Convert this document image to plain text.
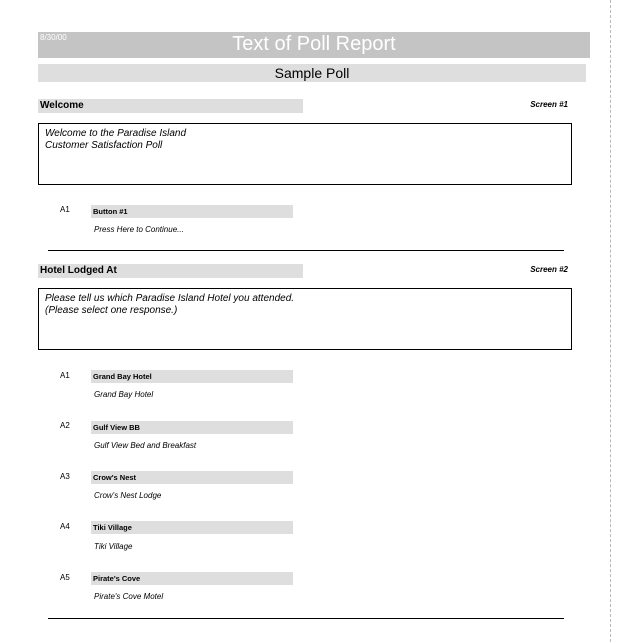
8/30/00	Text of Poll Report
Sample Poll
Welcome	Screen #1
Welcome to the Paradise Island
Customer Satisfaction Poll
A1	Button #1
Press Here to Continue...
Hotel Lodged At	Screen #2
Please tell us which Paradise Island Hotel you attended.
(Please select one response.)
A1	Grand Bay Hotel
Grand Bay Hotel
A2	Gulf View BB
Gulf View Bed and Breakfast
A3	Crow's Nest
Crow's Nest Lodge
A4	Tiki Village
Tiki Village
A5	Pirate's Cove
Pirate's Cove Motel
